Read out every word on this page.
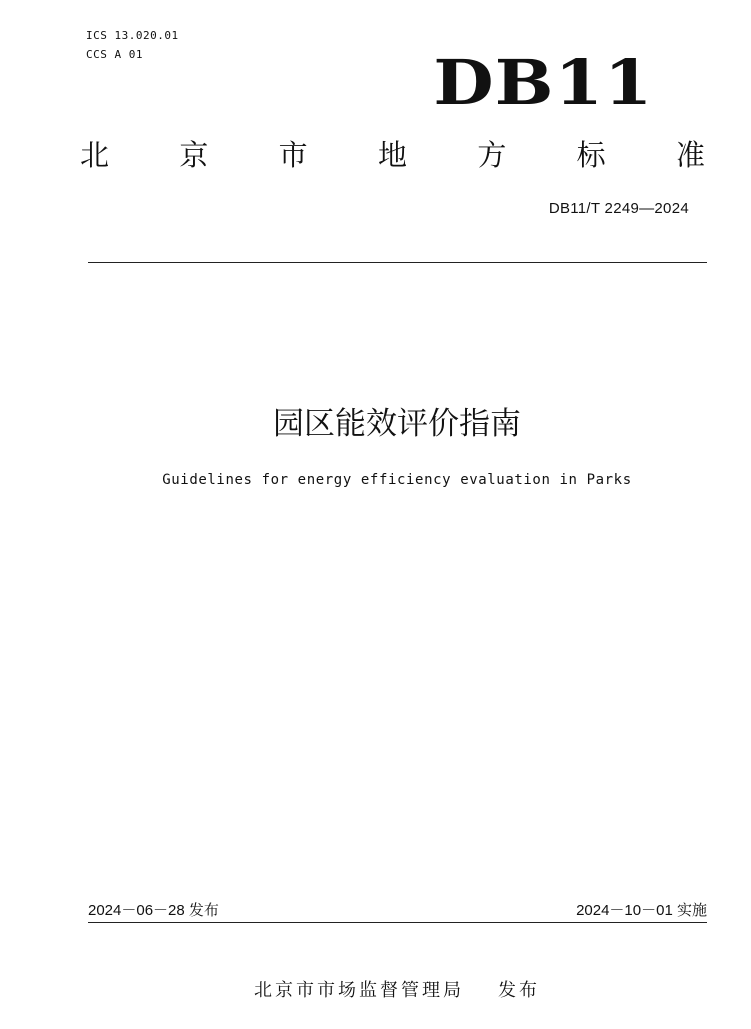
ICS 13.020.01
CCS A 01	DB11
北 京 市 地 方 标 准
DB11/T 2249—2024
园区能效评价指南
Guidelines for energy efficiency evaluation in Parks
2024－06－28 发布	2024－10－01 实施
北京市市场监督管理局 发布
